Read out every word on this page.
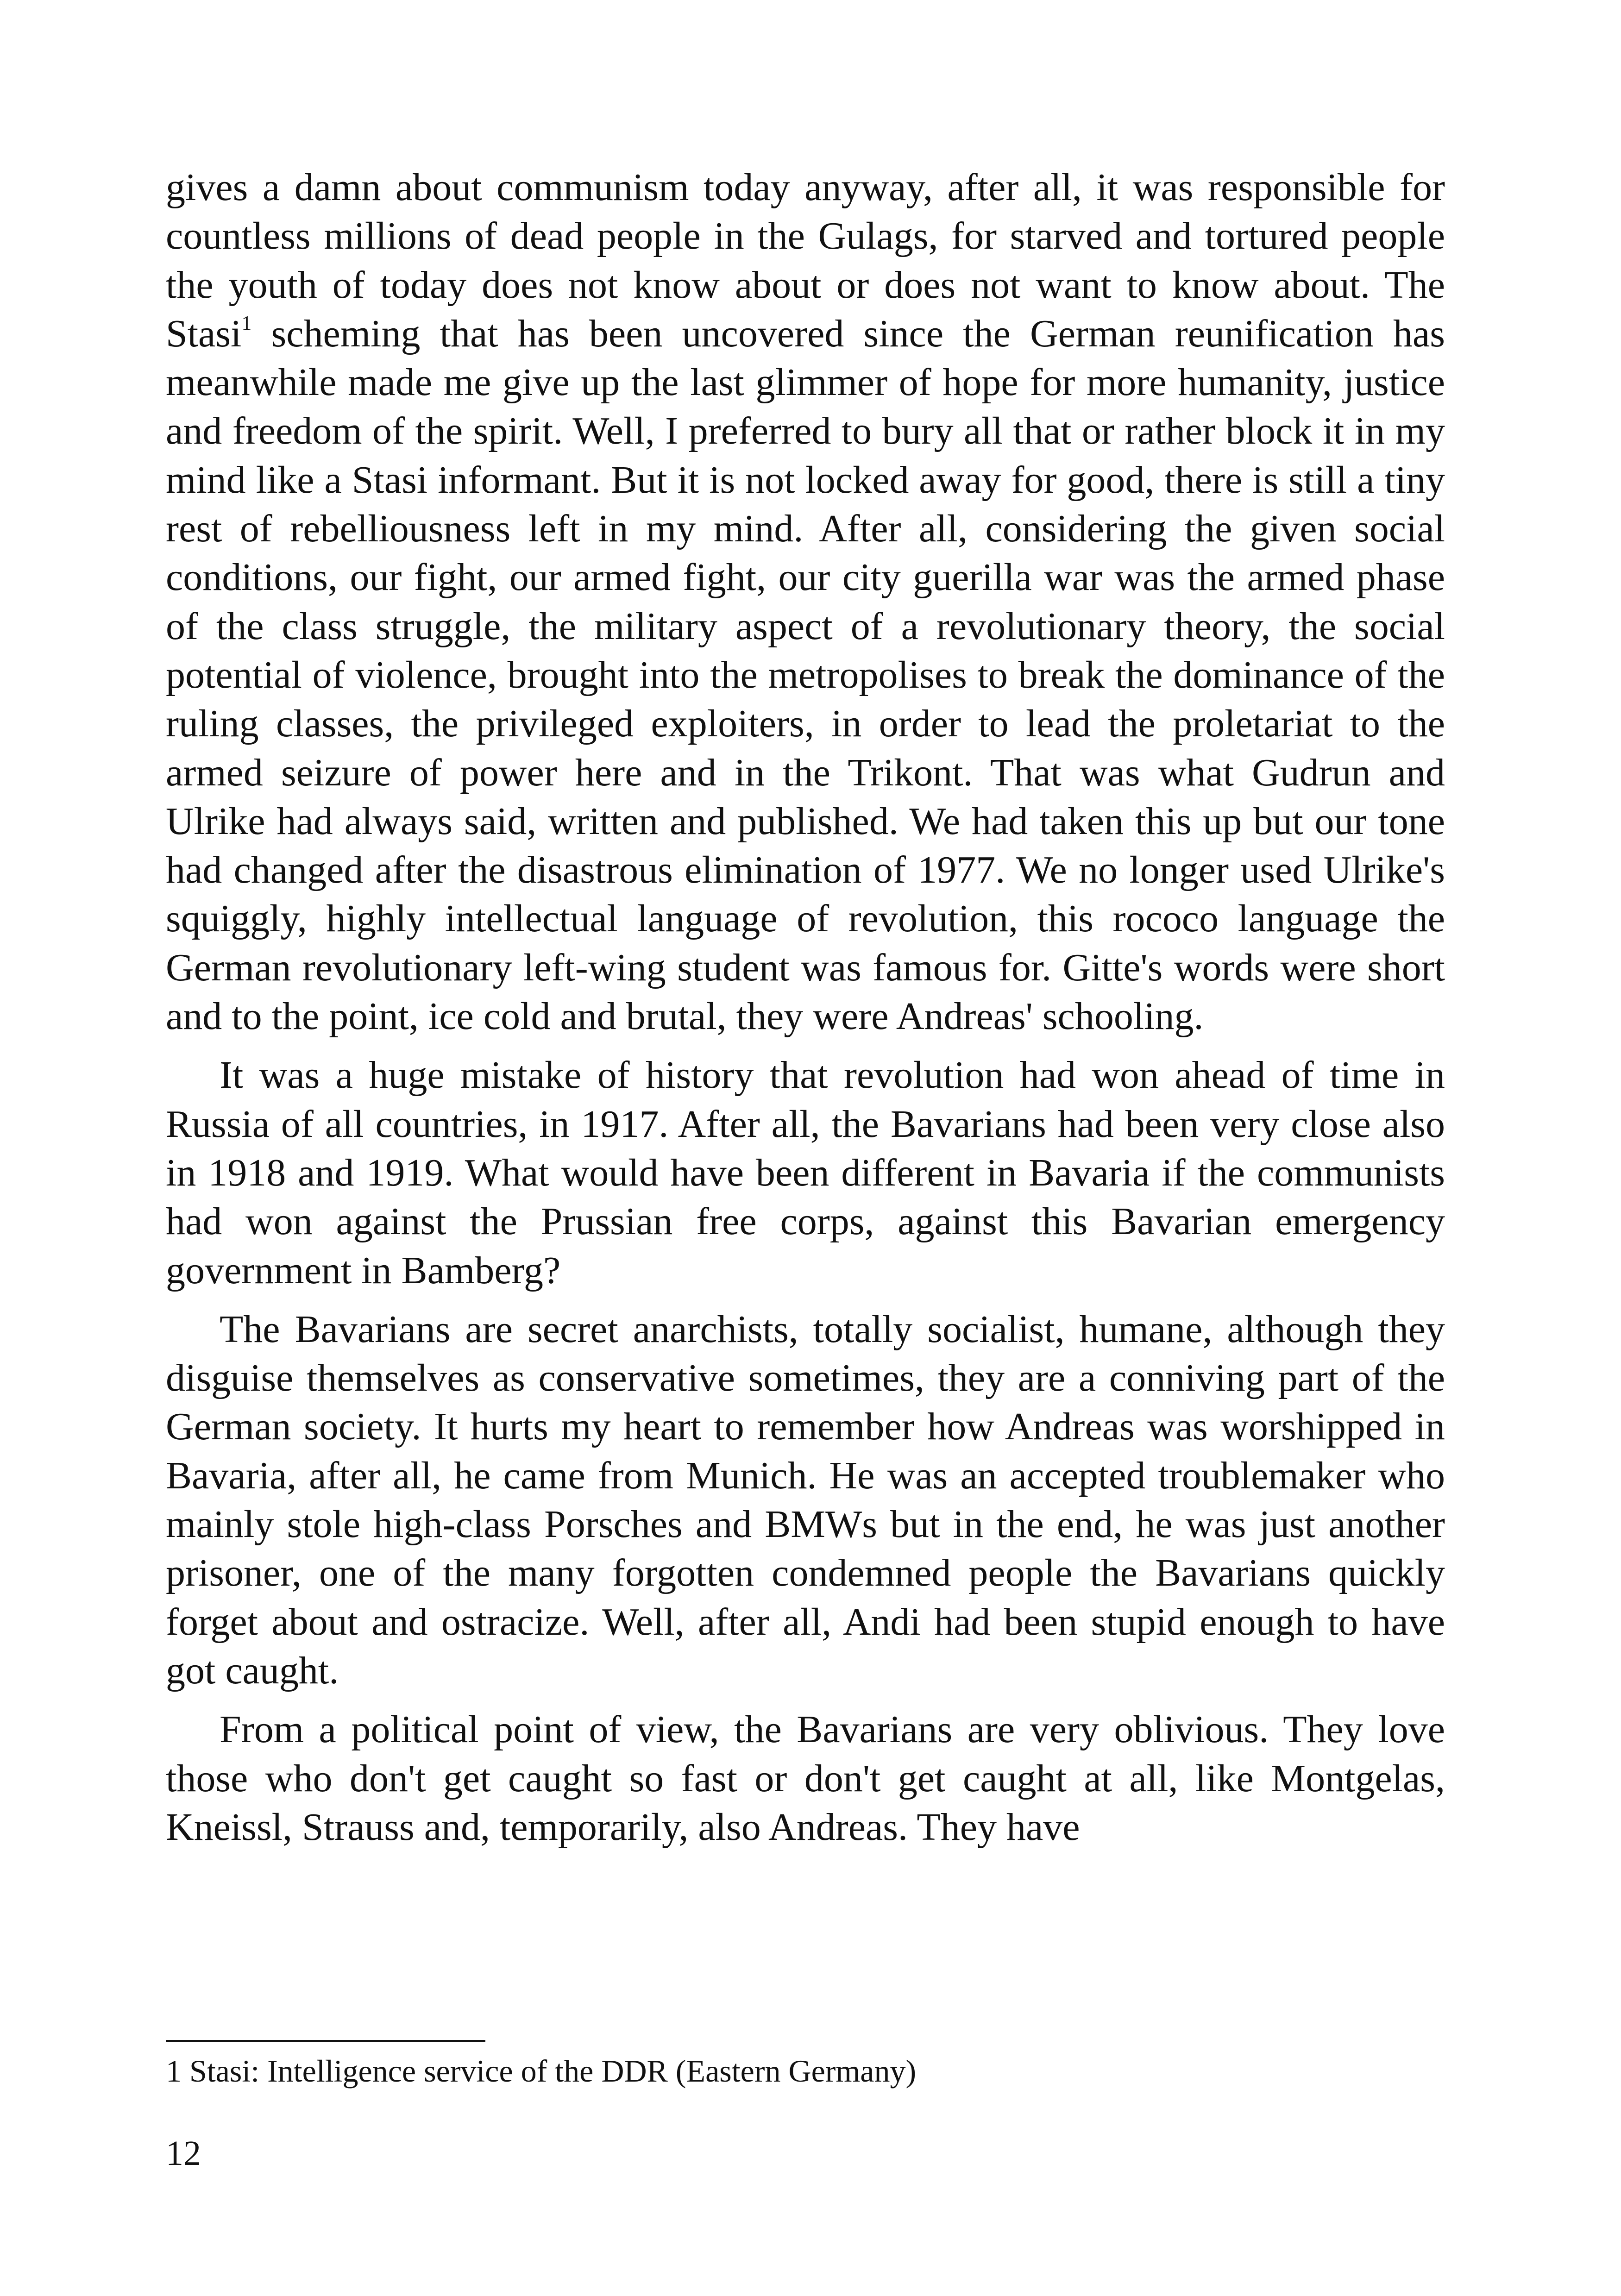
gives a damn about communism today anyway, after all, it was responsible for countless millions of dead people in the Gulags, for starved and tortured people the youth of today does not know about or does not want to know about. The Stasi$^1$ scheming that has been uncovered since the German reunification has meanwhile made me give up the last glimmer of hope for more humanity, justice and freedom of the spirit. Well, I preferred to bury all that or rather block it in my mind like a Stasi informant. But it is not locked away for good, there is still a tiny rest of rebelliousness left in my mind. After all, considering the given social conditions, our fight, our armed fight, our city guerilla war was the armed phase of the class struggle, the military aspect of a revolutionary theory, the social potential of violence, brought into the metropolises to break the dominance of the ruling classes, the privileged exploiters, in order to lead the proletariat to the armed seizure of power here and in the Trikont. That was what Gudrun and Ulrike had always said, written and published. We had taken this up but our tone had changed after the disastrous elimination of 1977. We no longer used Ulrike's squiggly, highly intellectual language of revolution, this rococo language the German revolutionary left-wing student was famous for. Gitte's words were short and to the point, ice cold and brutal, they were Andreas' schooling.

It was a huge mistake of history that revolution had won ahead of time in Russia of all countries, in 1917. After all, the Bavarians had been very close also in 1918 and 1919. What would have been different in Bavaria if the communists had won against the Prussian free corps, against this Bavarian emergency government in Bamberg?

The Bavarians are secret anarchists, totally socialist, humane, although they disguise themselves as conservative sometimes, they are a conniving part of the German society. It hurts my heart to remember how Andreas was worshipped in Bavaria, after all, he came from Munich. He was an accepted troublemaker who mainly stole high-class Porsches and BMWs but in the end, he was just another prisoner, one of the many forgotten condemned people the Bavarians quickly forget about and ostracize. Well, after all, Andi had been stupid enough to have got caught.

From a political point of view, the Bavarians are very oblivious. They love those who don't get caught so fast or don't get caught at all, like Montgelas, Kneissl, Strauss and, temporarily, also Andreas. They have

1 Stasi: Intelligence service of the DDR (Eastern Germany)

12
